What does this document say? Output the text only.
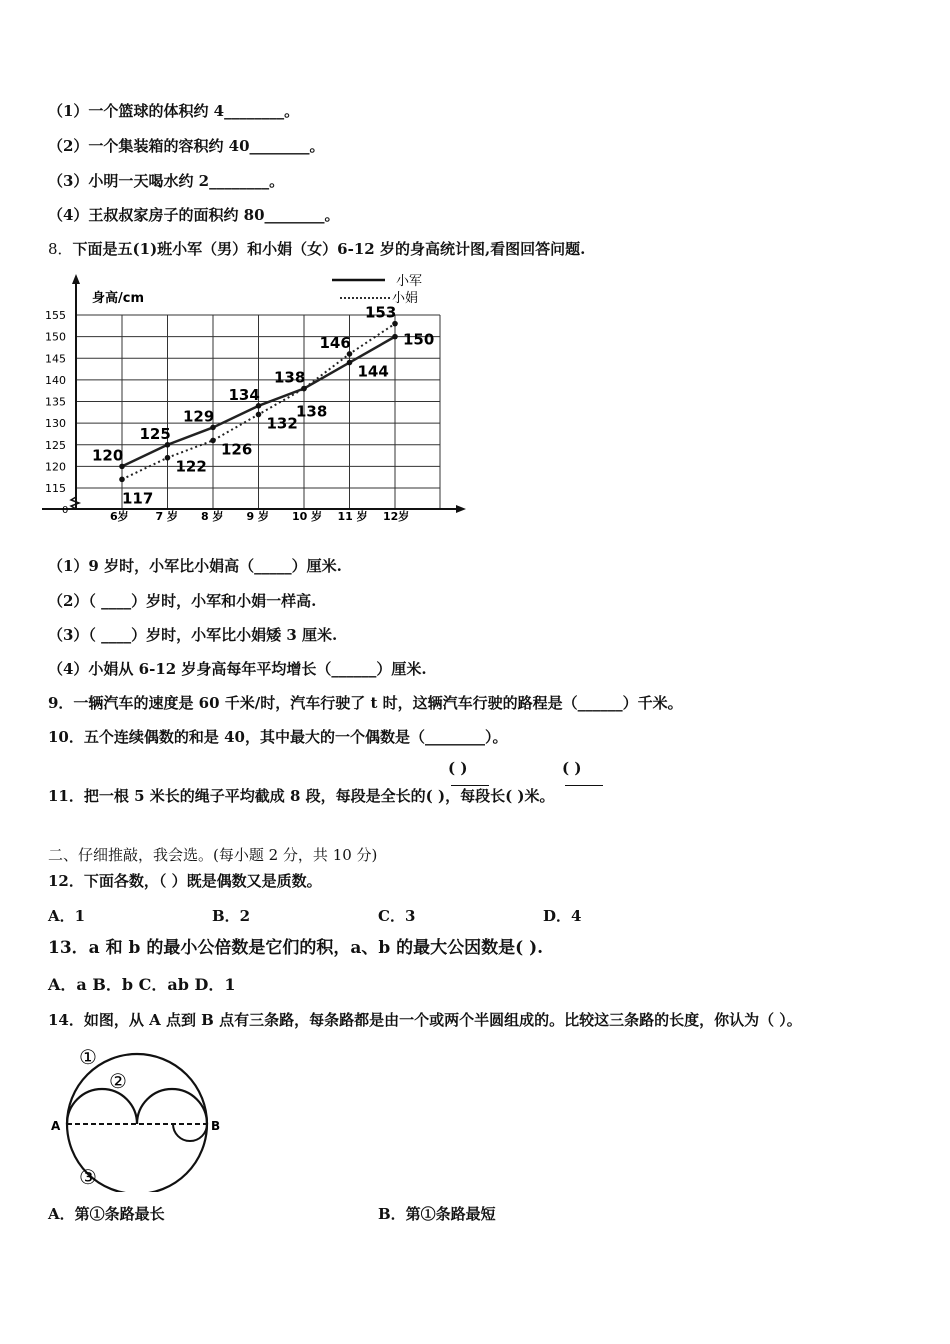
（1）一个篮球的体积约 4________。
（2）一个集装箱的容积约 40________。
（3）小明一天喝水约 2________。
（4）王叔叔家房子的面积约 80________。
8．下面是五(1)班小军（男）和小娟（女）6-12 岁的身高统计图,看图回答问题.
155
150
145
140
135
130
125
120
115
6岁 7 岁 8 岁 9 岁 10 岁 11 岁 12岁
0
身高/cm
120
125
129
134
138	144
150
117
122
126
132
138
146
153
小军
小娟
（1）9 岁时，小军比小娟高（_____）厘米.
（2）（ ____）岁时，小军和小娟一样高.
（3）（ ____）岁时，小军比小娟矮 3 厘米.
（4）小娟从 6-12 岁身高每年平均增长（______）厘米.
9．一辆汽车的速度是 60 千米/时，汽车行驶了 t 时，这辆汽车行驶的路程是（______）千米。
10．五个连续偶数的和是 40，其中最大的一个偶数是（________）。
( )	( )
11．把一根 5 米长的绳子平均截成 8 段，每段是全长的( )，每段长( )米。
二、仔细推敲，我会选。(每小题 2 分，共 10 分)
12．下面各数，（ ）既是偶数又是质数。
A．1	B．2	C．3	D．4
13．a 和 b 的最小公倍数是它们的积，a、b 的最大公因数是( ).
A．a B．b C．ab D．1
14．如图，从 A 点到 B 点有三条路，每条路都是由一个或两个半圆组成的。比较这三条路的长度，你认为（ ）。
A	B
①
②
③
A．第①条路最长	B．第①条路最短
